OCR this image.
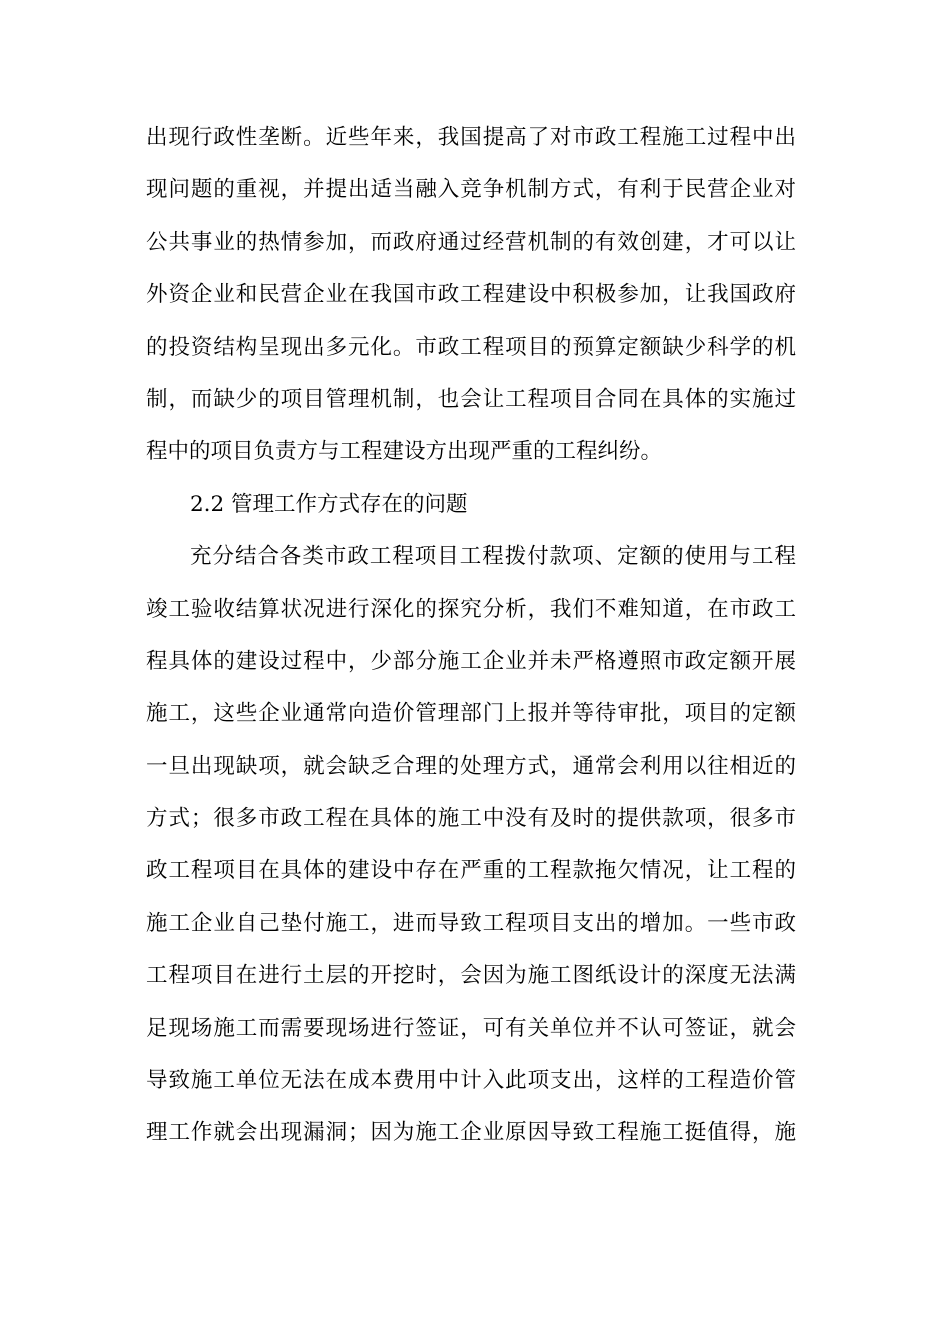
出现行政性垄断。近些年来，我国提高了对市政工程施工过程中出
现问题的重视，并提出适当融入竞争机制方式，有利于民营企业对
公共事业的热情参加，而政府通过经营机制的有效创建，才可以让
外资企业和民营企业在我国市政工程建设中积极参加，让我国政府
的投资结构呈现出多元化。市政工程项目的预算定额缺少科学的机
制，而缺少的项目管理机制，也会让工程项目合同在具体的实施过
程中的项目负责方与工程建设方出现严重的工程纠纷。
2.2 管理工作方式存在的问题
充分结合各类市政工程项目工程拨付款项、定额的使用与工程
竣工验收结算状况进行深化的探究分析，我们不难知道，在市政工
程具体的建设过程中，少部分施工企业并未严格遵照市政定额开展
施工，这些企业通常向造价管理部门上报并等待审批，项目的定额
一旦出现缺项，就会缺乏合理的处理方式，通常会利用以往相近的
方式；很多市政工程在具体的施工中没有及时的提供款项，很多市
政工程项目在具体的建设中存在严重的工程款拖欠情况，让工程的
施工企业自己垫付施工，进而导致工程项目支出的增加。一些市政
工程项目在进行土层的开挖时，会因为施工图纸设计的深度无法满
足现场施工而需要现场进行签证，可有关单位并不认可签证，就会
导致施工单位无法在成本费用中计入此项支出，这样的工程造价管
理工作就会出现漏洞；因为施工企业原因导致工程施工挺值得，施
